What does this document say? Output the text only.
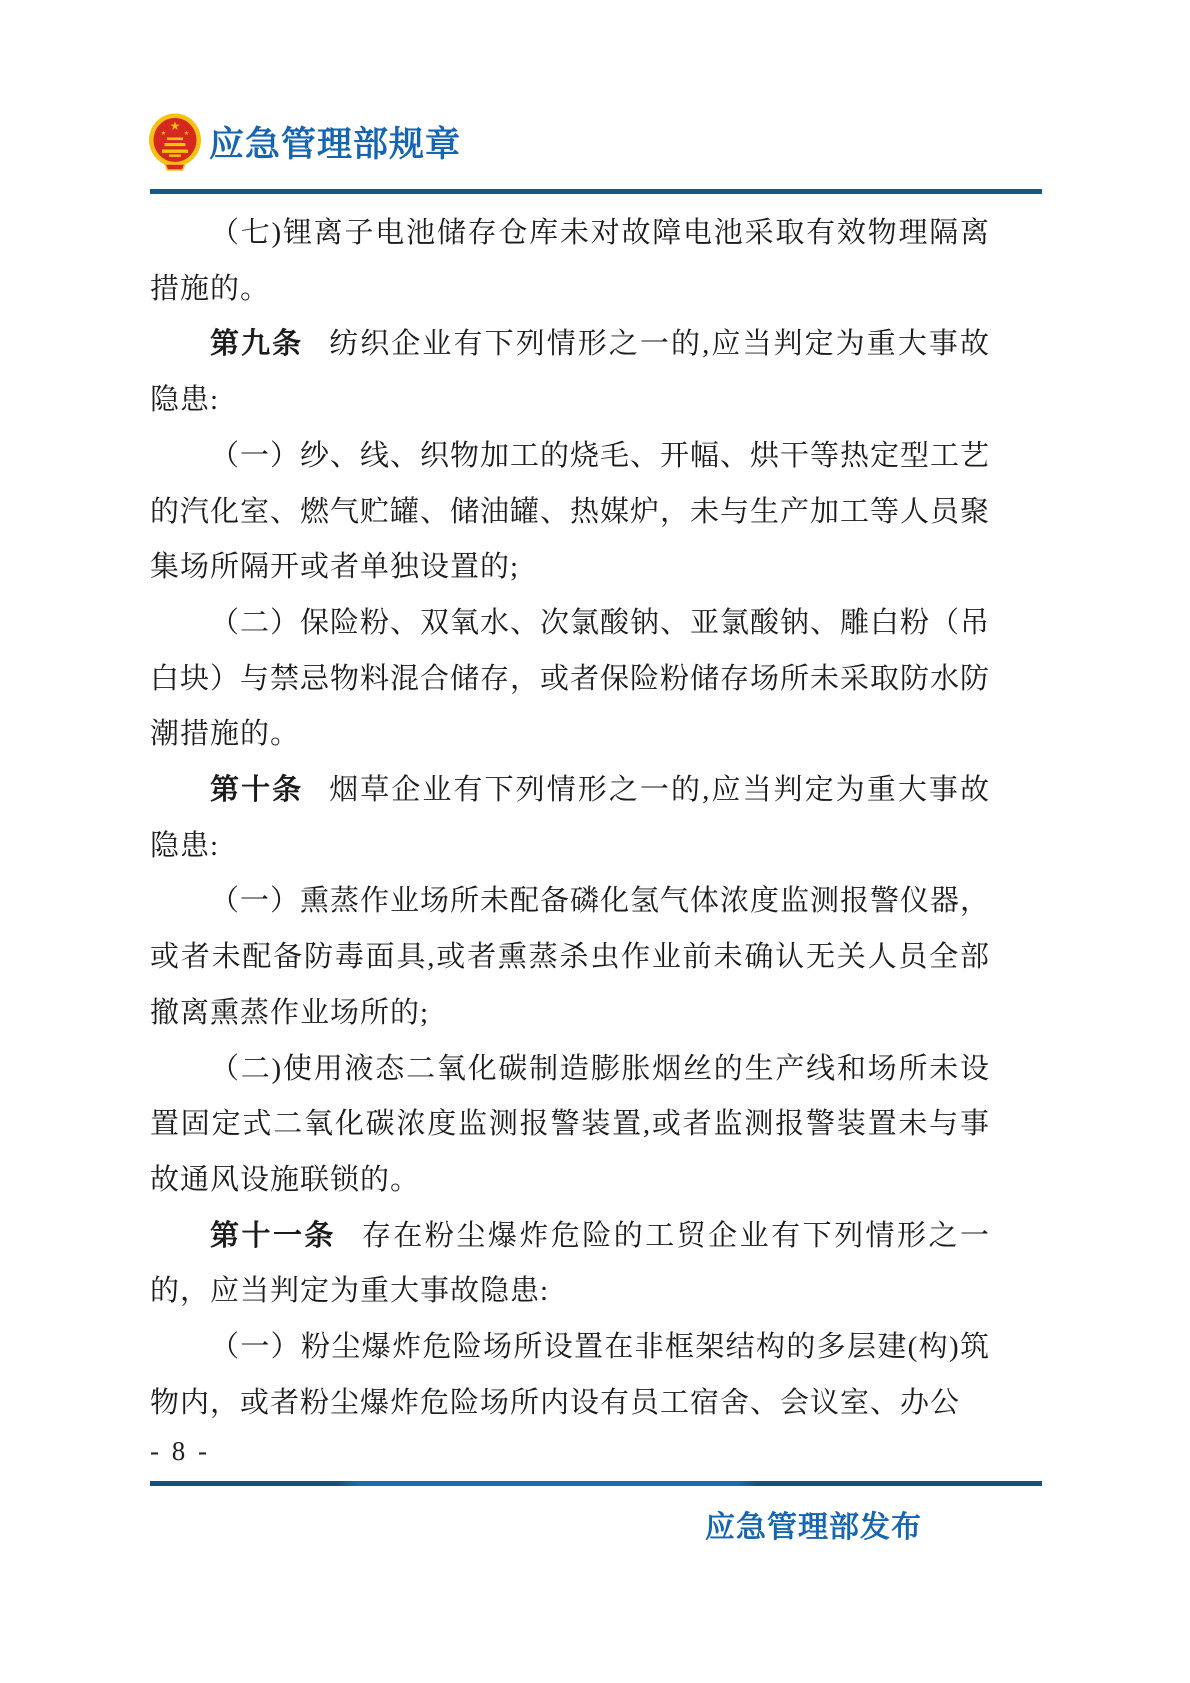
★
★	★ 应急管理部规章

（七)锂离子电池储存仓库未对故障电池采取有效物理隔离措施的。

第九条 纺织企业有下列情形之一的,应当判定为重大事故隐患:

（一）纱、线、织物加工的烧毛、开幅、烘干等热定型工艺的汽化室、燃气贮罐、储油罐、热媒炉，未与生产加工等人员聚集场所隔开或者单独设置的;

（二）保险粉、双氧水、次氯酸钠、亚氯酸钠、雕白粉（吊白块）与禁忌物料混合储存，或者保险粉储存场所未采取防水防潮措施的。

第十条 烟草企业有下列情形之一的,应当判定为重大事故隐患:

（一）熏蒸作业场所未配备磷化氢气体浓度监测报警仪器，或者未配备防毒面具,或者熏蒸杀虫作业前未确认无关人员全部撤离熏蒸作业场所的;

（二)使用液态二氧化碳制造膨胀烟丝的生产线和场所未设置固定式二氧化碳浓度监测报警装置,或者监测报警装置未与事故通风设施联锁的。

第十一条 存在粉尘爆炸危险的工贸企业有下列情形之一的，应当判定为重大事故隐患:

（一）粉尘爆炸危险场所设置在非框架结构的多层建(构)筑物内，或者粉尘爆炸危险场所内设有员工宿舍、会议室、办公

- 8 -
应急管理部发布
